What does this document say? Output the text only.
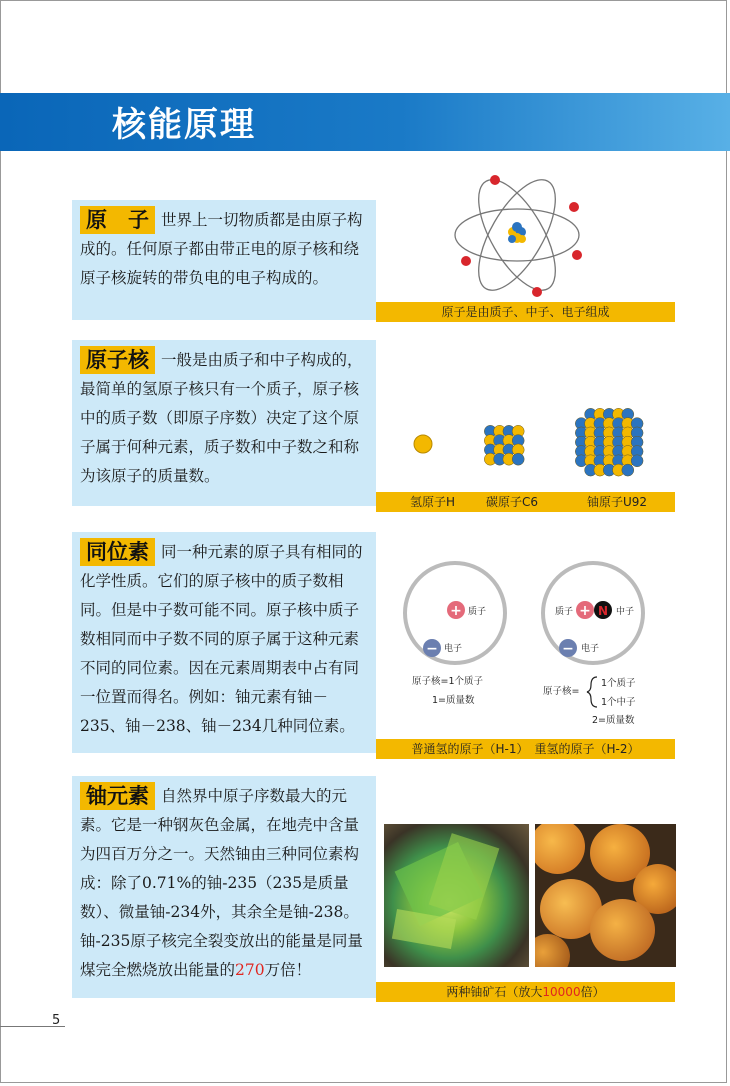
核能原理
原　子 世界上一切物质都是由原子构成的。任何原子都由带正电的原子核和绕原子核旋转的带负电的电子构成的。
原子是由质子、中子、电子组成
原子核 一般是由质子和中子构成的，最简单的氢原子核只有一个质子，原子核中的质子数（即原子序数）决定了这个原子属于何种元素，质子数和中子数之和称为该原子的质量数。
氢原子H	碳原子C6	铀原子U92
同位素 同一种元素的原子具有相同的化学性质。它们的原子核中的质子数相同。但是中子数可能不同。原子核中质子数相同而中子数不同的原子属于这种元素不同的同位素。因在元素周期表中占有同一位置而得名。例如：铀元素有铀－235、铀－238、铀－234几种同位素。
+ 质子
− 电子
原子核=1个质子
1=质量数
质子 + N 中子
− 电子
原子核=
1个质子
1个中子
2=质量数
普通氢的原子（H-1）　重氢的原子（H-2）
铀元素 自然界中原子序数最大的元素。它是一种钢灰色金属，在地壳中含量为四百万分之一。天然铀由三种同位素构成：除了0.71%的铀-235（235是质量数）、微量铀-234外，其余全是铀-238。铀-235原子核完全裂变放出的能量是同量煤完全燃烧放出能量的270万倍！
两种铀矿石（放大10000倍）
5
